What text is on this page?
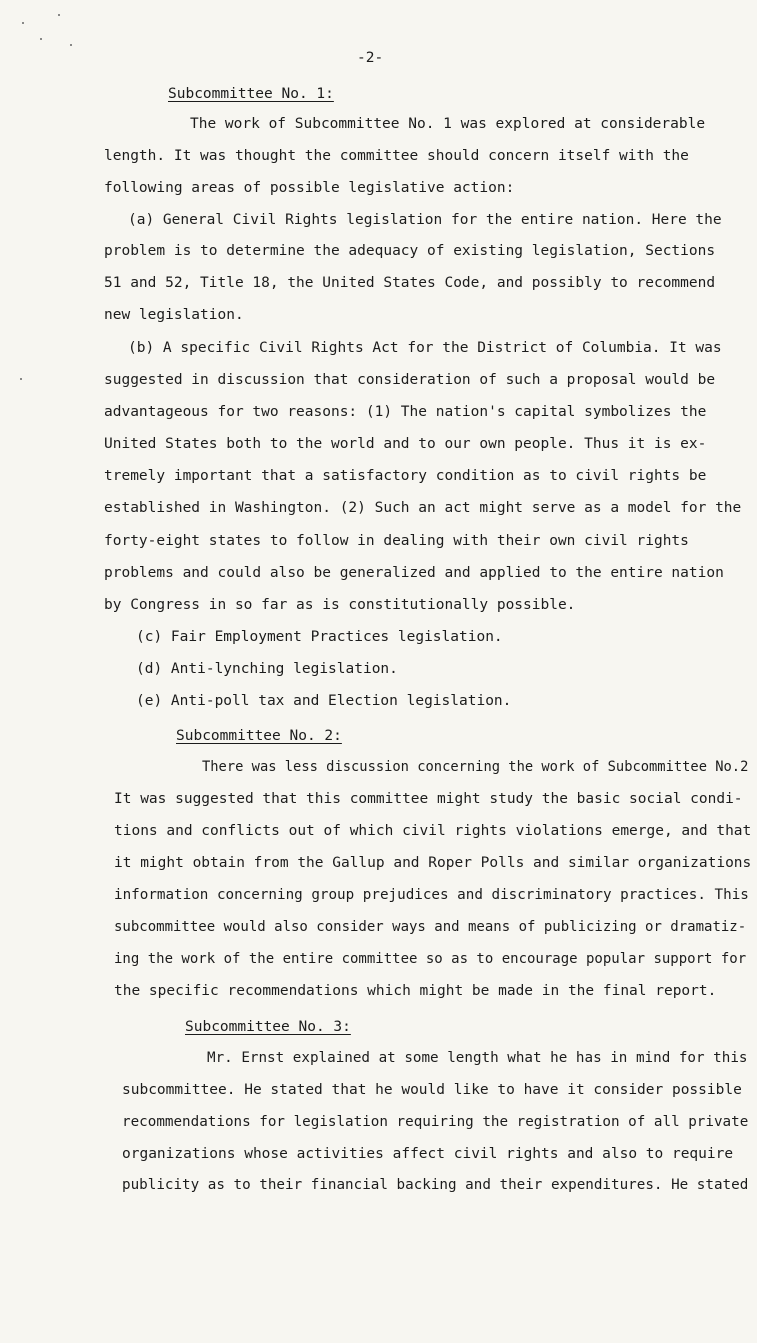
-2-

Subcommittee No. 1:

The work of Subcommittee No. 1 was explored at considerable

length. It was thought the committee should concern itself with the

following areas of possible legislative action:

(a) General Civil Rights legislation for the entire nation. Here the

problem is to determine the adequacy of existing legislation, Sections

51 and 52, Title 18, the United States Code, and possibly to recommend

new legislation.

(b) A specific Civil Rights Act for the District of Columbia. It was

suggested in discussion that consideration of such a proposal would be

advantageous for two reasons: (1) The nation's capital symbolizes the

United States both to the world and to our own people. Thus it is ex-

tremely important that a satisfactory condition as to civil rights be

established in Washington. (2) Such an act might serve as a model for the

forty-eight states to follow in dealing with their own civil rights

problems and could also be generalized and applied to the entire nation

by Congress in so far as is constitutionally possible.

(c) Fair Employment Practices legislation.

(d) Anti-lynching legislation.

(e) Anti-poll tax and Election legislation.

Subcommittee No. 2:

There was less discussion concerning the work of Subcommittee No.2

It was suggested that this committee might study the basic social condi-

tions and conflicts out of which civil rights violations emerge, and that

it might obtain from the Gallup and Roper Polls and similar organizations

information concerning group prejudices and discriminatory practices. This

subcommittee would also consider ways and means of publicizing or dramatiz-

ing the work of the entire committee so as to encourage popular support for

the specific recommendations which might be made in the final report.

Subcommittee No. 3:

Mr. Ernst explained at some length what he has in mind for this

subcommittee. He stated that he would like to have it consider possible

recommendations for legislation requiring the registration of all private

organizations whose activities affect civil rights and also to require

publicity as to their financial backing and their expenditures. He stated
